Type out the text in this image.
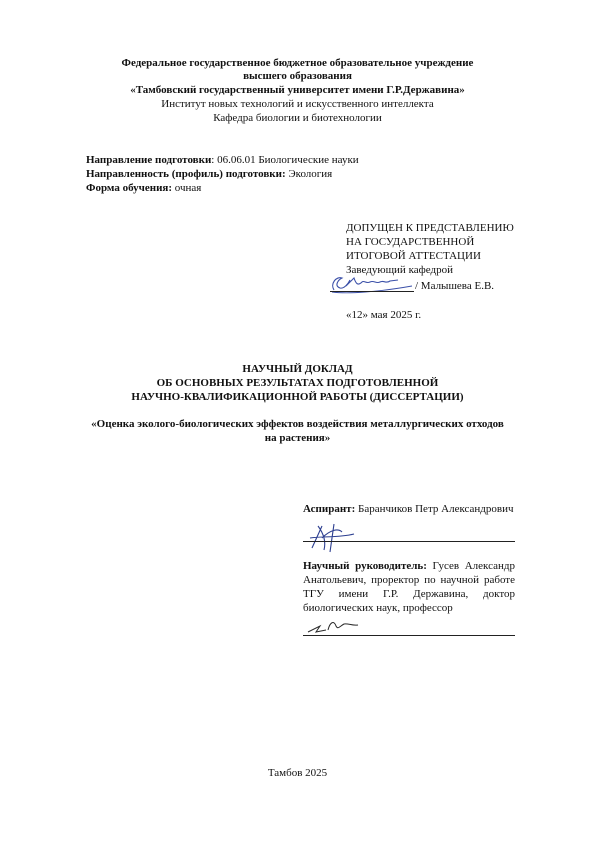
Федеральное государственное бюджетное образовательное учреждение
высшего образования
«Тамбовский государственный университет имени Г.Р.Державина»
Институт новых технологий и искусственного интеллекта
Кафедра биологии и биотехнологии
Направление подготовки: 06.06.01 Биологические науки
Направленность (профиль) подготовки: Экология
Форма обучения: очная
ДОПУЩЕН К ПРЕДСТАВЛЕНИЮ
НА ГОСУДАРСТВЕННОЙ
ИТОГОВОЙ АТТЕСТАЦИИ
Заведующий кафедрой
/ Малышева Е.В.
«12» мая 2025 г.
НАУЧНЫЙ ДОКЛАД
ОБ ОСНОВНЫХ РЕЗУЛЬТАТАХ ПОДГОТОВЛЕННОЙ
НАУЧНО-КВАЛИФИКАЦИОННОЙ РАБОТЫ (ДИССЕРТАЦИИ)
«Оценка эколого-биологических эффектов воздействия металлургических отходов
на растения»
Аспирант: Баранчиков Петр Александрович
Научный руководитель: Гусев Александр
Анатольевич, проректор по научной работе
ТГУ имени Г.Р. Державина, доктор
биологических наук, профессор
Тамбов 2025
